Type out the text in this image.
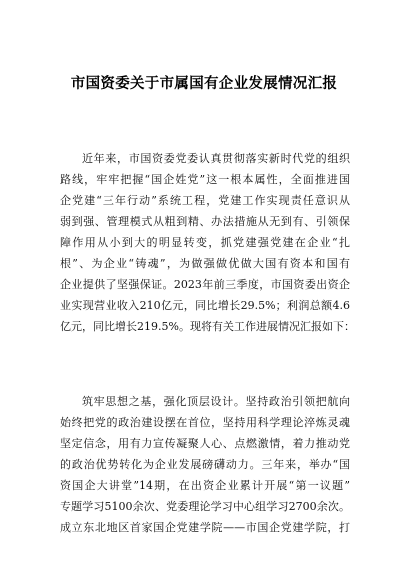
市国资委关于市属国有企业发展情况汇报
近年来，市国资委党委认真贯彻落实新时代党的组织
路线，牢牢把握“国企姓党”这一根本属性，全面推进国
企党建“三年行动”系统工程，党建工作实现责任意识从
弱到强、管理模式从粗到精、办法措施从无到有、引领保
障作用从小到大的明显转变，抓党建强党建在企业“扎
根”、为企业“铸魂”，为做强做优做大国有资本和国有
企业提供了坚强保证。2023年前三季度，市国资委出资企
业实现营业收入210亿元，同比增长29.5%；利润总额4.6
亿元，同比增长219.5%。现将有关工作进展情况汇报如下：
筑牢思想之基，强化顶层设计。坚持政治引领把航向
始终把党的政治建设摆在首位，坚持用科学理论淬炼灵魂
坚定信念，用有力宣传凝聚人心、点燃激情，着力推动党
的政治优势转化为企业发展磅礴动力。三年来，举办“国
资国企大讲堂”14期，在出资企业累计开展“第一议题”
专题学习5100余次、党委理论学习中心组学习2700余次。
成立东北地区首家国企党建学院——市国企党建学院，打
